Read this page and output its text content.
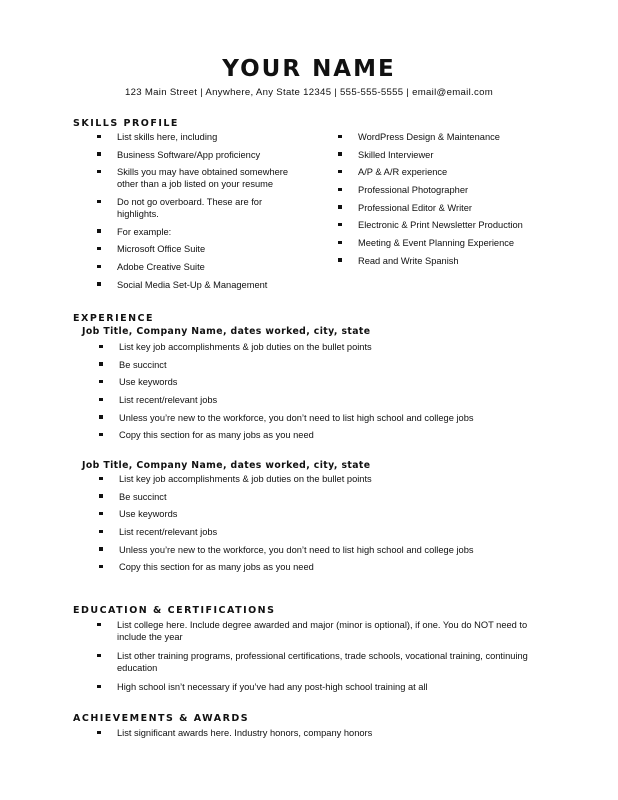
YOUR NAME
123 Main Street | Anywhere, Any State 12345 | 555-555-5555 | email@email.com
SKILLS PROFILE
List skills here, including
Business Software/App proficiency
Skills you may have obtained somewhere other than a job listed on your resume
Do not go overboard. These are for highlights.
For example:
Microsoft Office Suite
Adobe Creative Suite
Social Media Set-Up & Management
WordPress Design & Maintenance
Skilled Interviewer
A/P & A/R experience
Professional Photographer
Professional Editor & Writer
Electronic & Print Newsletter Production
Meeting & Event Planning Experience
Read and Write Spanish
EXPERIENCE
Job Title, Company Name, dates worked, city, state
List key job accomplishments & job duties on the bullet points
Be succinct
Use keywords
List recent/relevant jobs
Unless you’re new to the workforce, you don’t need to list high school and college jobs
Copy this section for as many jobs as you need
Job Title, Company Name, dates worked, city, state
List key job accomplishments & job duties on the bullet points
Be succinct
Use keywords
List recent/relevant jobs
Unless you’re new to the workforce, you don’t need to list high school and college jobs
Copy this section for as many jobs as you need
EDUCATION & CERTIFICATIONS
List college here. Include degree awarded and major (minor is optional), if one. You do NOT need to include the year
List other training programs, professional certifications, trade schools, vocational training, continuing education
High school isn’t necessary if you’ve had any post-high school training at all
ACHIEVEMENTS & AWARDS
List significant awards here. Industry honors, company honors
